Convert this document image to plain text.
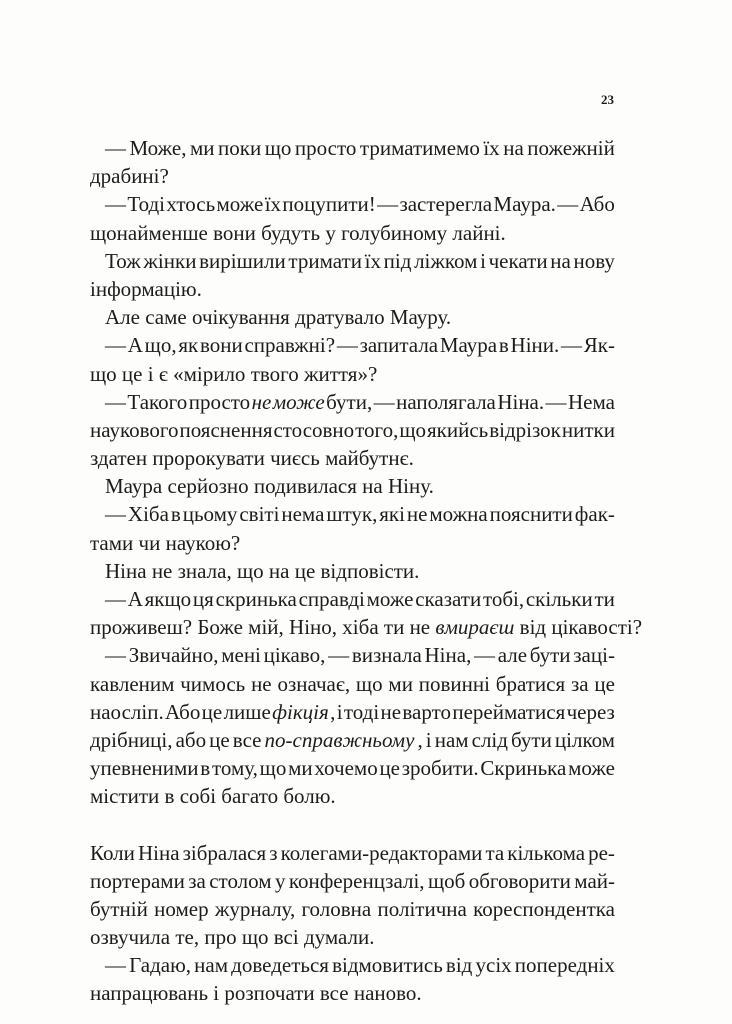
23
— Може, ми поки що просто триматимемо їх на пожежній
драбині?
— Тоді хтось може їх поцупити! — застерегла Маура. — Або
щонайменше вони будуть у голубиному лайні.
Тож жінки вирішили тримати їх під ліжком і чекати на нову
інформацію.
Але саме очікування дратувало Мауру.
— А що, як вони справжні? — запитала Маура в Ніни. — Як-
що це і є «мірило твого життя»?
— Такого просто не може бути, — наполягала Ніна. — Нема
наукового пояснення стосовно того, що якийсь відрізок нитки
здатен пророкувати чиєсь майбутнє.
Маура серйозно подивилася на Ніну.
— Хіба в цьому світі нема штук, які не можна пояснити фак-
тами чи наукою?
Ніна не знала, що на це відповісти.
— А якщо ця скринька справді може сказати тобі, скільки ти
проживеш? Боже мій, Ніно, хіба ти не вмираєш від цікавості?
— Звичайно, мені цікаво, — визнала Ніна, — але бути заці-
кавленим чимось не означає, що ми повинні братися за це
наосліп. Або це лише фікція , і тоді не варто перейматися через
дрібниці, або це все по-справжньому , і нам слід бути цілком
упевненими в тому, що ми хочемо це зробити. Скринька може
містити в собі багато болю.
Коли Ніна зібралася з колегами-редакторами та кількома ре-
портерами за столом у конференцзалі, щоб обговорити май-
бутній номер журналу, головна політична кореспондентка
озвучила те, про що всі думали.
— Гадаю, нам доведеться відмовитись від усіх попередніх
напрацювань і розпочати все наново.
